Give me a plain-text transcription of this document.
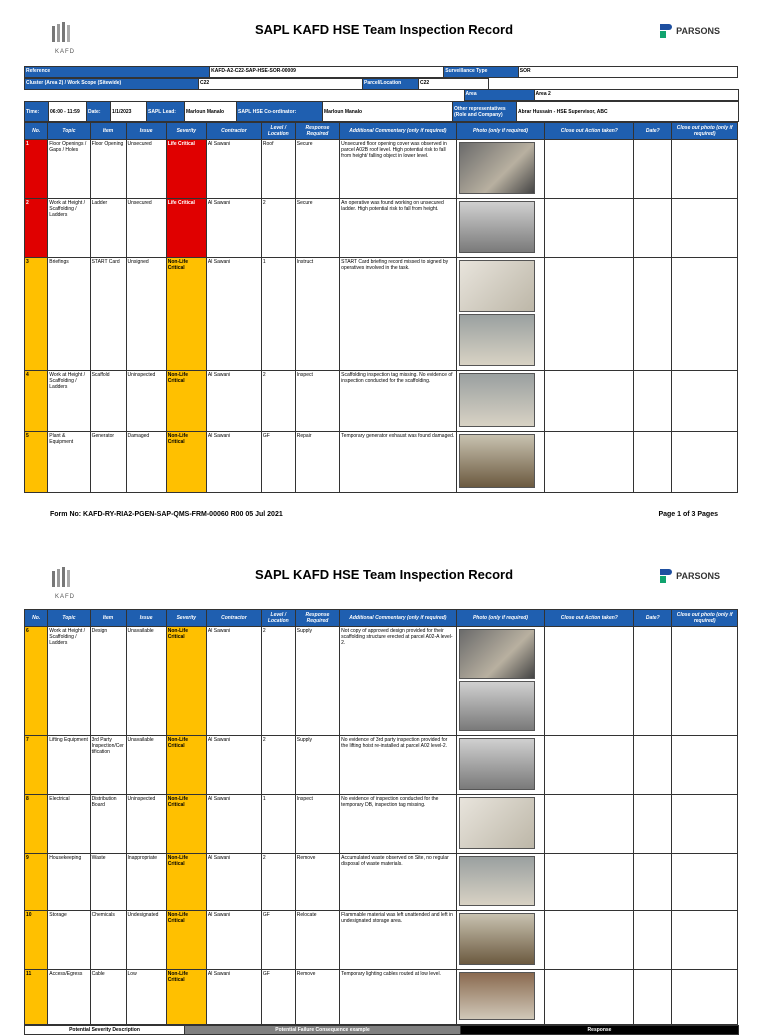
KAFD
SAPL KAFD HSE Team Inspection Record	PARSONS
Reference	KAFD-A2-C22-SAP-HSE-SOR-00009	Surveillance Type	SOR
Cluster (Area 2) / Work Scope (Sitewide)	C22	Parcel/Location	C22
	Area	Area 2
Time:	06:00 - 11:59	Date:	1/1/2023	SAPL Lead:	Marloun Manalo	SAPL HSE Co-ordinator:	Marloun Manalo	Other representatives (Role and Company)	Abrar Hussain - HSE Supervisor, ABC
No.	Topic	Item	Issue	Severity	Contractor	Level / Location	Response Required	Additional Commentary (only if required)	Photo (only if required)	Close out Action taken?	Date?	Close out photo (only if required)
1	Floor Openings / Gaps / Holes	Floor Opening	Unsecured	Life Critical	Al Sawani	Roof	Secure	Unsecured floor opening cover was observed in parcel A02B roof level. High potential risk to fall from height/ falling object in lower level.	

2	Work at Height / Scaffolding / Ladders	Ladder	Unsecured	Life Critical	Al Sawani	2	Secure	An operative was found working on unsecured ladder. High potential risk to fall from height.	

3	Briefings	START Card	Unsigned	Non-Life Critical	Al Sawani	1	Instruct	START Card briefing record missed to signed by operatives involved in the task.	

4	Work at Height / Scaffolding / Ladders	Scaffold	Uninspected	Non-Life Critical	Al Sawani	2	Inspect	Scaffolding inspection tag missing. No evidence of inspection conducted for the scaffolding.	

5	Plant & Equipment	Generator	Damaged	Non-Life Critical	Al Sawani	GF	Repair	Temporary generator exhaust was found damaged.	

Form No: KAFD-RY-RIA2-PGEN-SAP-QMS-FRM-00060 R00 05 Jul 2021	Page 1 of 3 Pages
KAFD
SAPL KAFD HSE Team Inspection Record	PARSONS
No.	Topic	Item	Issue	Severity	Contractor	Level / Location	Response Required	Additional Commentary (only if required)	Photo (only if required)	Close out Action taken?	Date?	Close out photo (only if required)
6	Work at Height / Scaffolding / Ladders	Design	Unavailable	Non-Life Critical	Al Sawani	2	Supply	Not copy of approved design provided for their scaffolding structure erected at parcel A02-A level-2.	

7	Lifting Equipment	3rd Party Inspection/Certification	Unavailable	Non-Life Critical	Al Sawani	2	Supply	No evidence of 3rd party inspection provided for the lifting hoist re-installed at parcel A02 level-2.	

8	Electrical	Distribution Board	Uninspected	Non-Life Critical	Al Sawani	1	Inspect	No evidence of inspection conducted for the temporary DB, inspection tag missing.	

9	Housekeeping	Waste	Inappropriate	Non-Life Critical	Al Sawani	2	Remove	Accumulated waste observed on Site, no regular disposal of waste materials.	

10	Storage	Chemicals	Undesignated	Non-Life Critical	Al Sawani	GF	Relocate	Flammable material was left unattended and left in undesignated storage area.	

11	Access/Egress	Cable	Low	Non-Life Critical	Al Sawani	GF	Remove	Temporary lighting cables routed at low level.	

Potential Severity Description	Potential Failure Consequence example	Response
